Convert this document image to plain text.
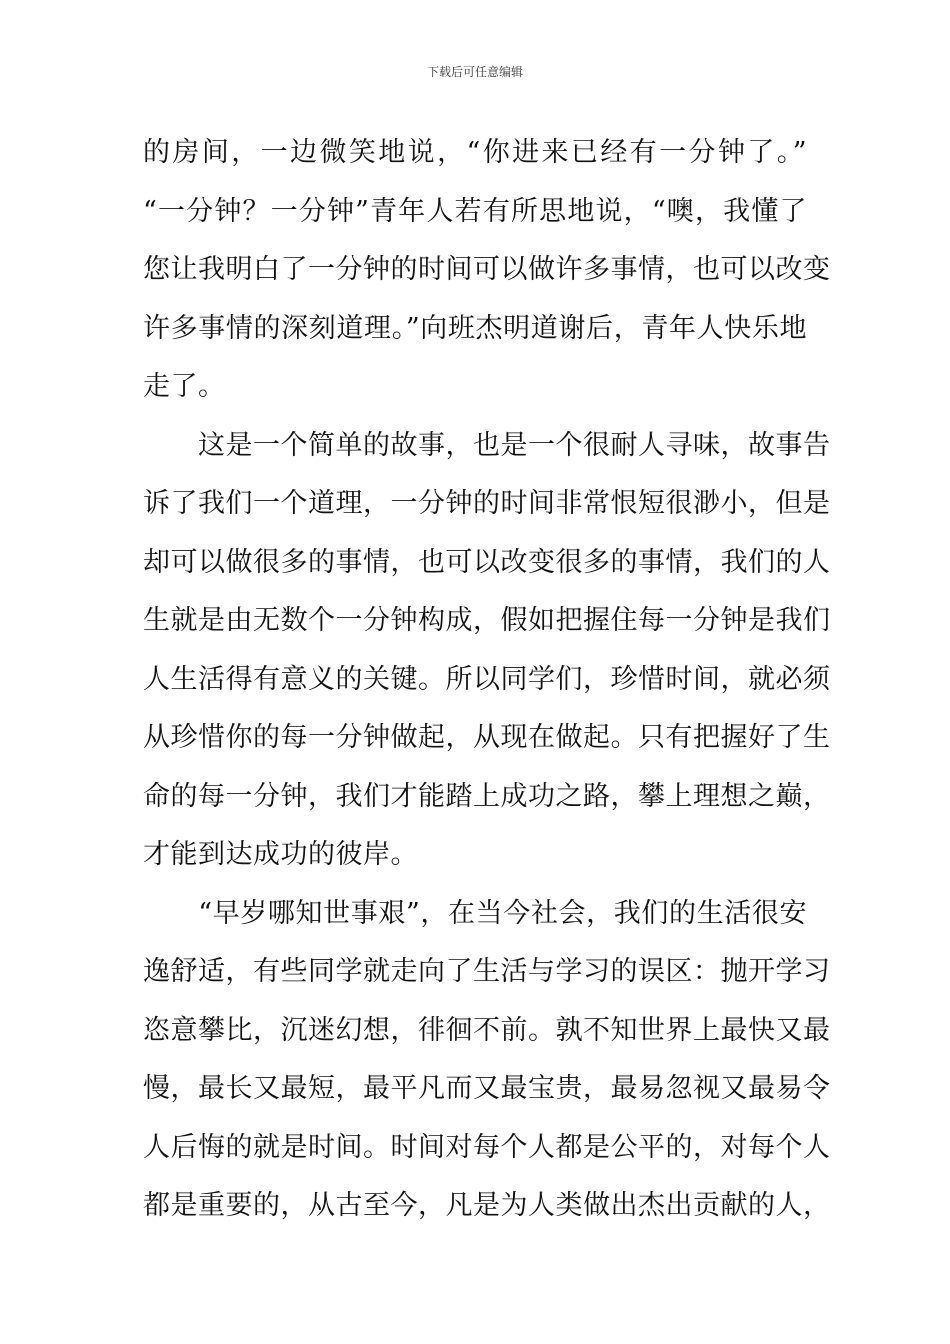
下载后可任意编辑
的房间，一边微笑地说，“你进来已经有一分钟了。”
“一分钟？一分钟”青年人若有所思地说，“噢，我懂了
您让我明白了一分钟的时间可以做许多事情，也可以改变
许多事情的深刻道理。”向班杰明道谢后，青年人快乐地
走了。
　　这是一个简单的故事，也是一个很耐人寻味，故事告
诉了我们一个道理，一分钟的时间非常恨短很渺小，但是
却可以做很多的事情，也可以改变很多的事情，我们的人
生就是由无数个一分钟构成，假如把握住每一分钟是我们
人生活得有意义的关键。所以同学们，珍惜时间，就必须
从珍惜你的每一分钟做起，从现在做起。只有把握好了生
命的每一分钟，我们才能踏上成功之路，攀上理想之巅，
才能到达成功的彼岸。
　　“早岁哪知世事艰”，在当今社会，我们的生活很安
逸舒适，有些同学就走向了生活与学习的误区：抛开学习
恣意攀比，沉迷幻想，徘徊不前。孰不知世界上最快又最
慢，最长又最短，最平凡而又最宝贵，最易忽视又最易令
人后悔的就是时间。时间对每个人都是公平的，对每个人
都是重要的，从古至今，凡是为人类做出杰出贡献的人，
